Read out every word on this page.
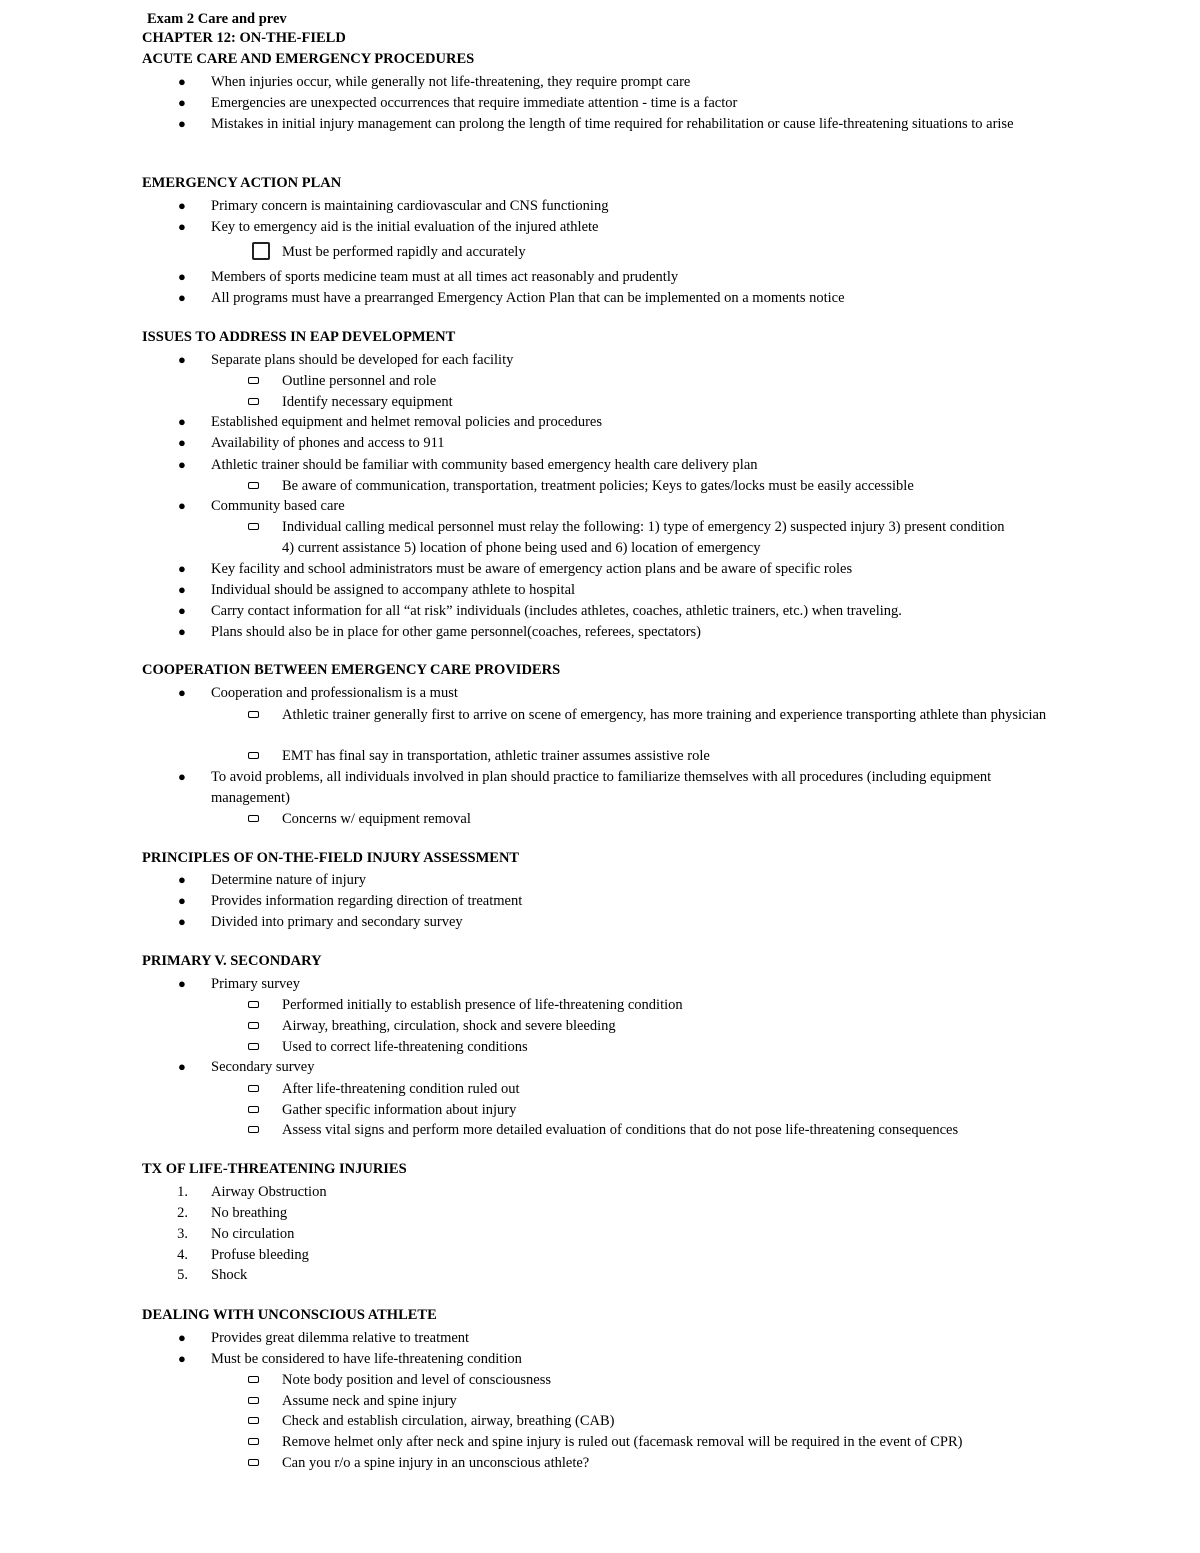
Exam 2 Care and prev
CHAPTER 12: ON-THE-FIELD
ACUTE CARE AND EMERGENCY PROCEDURES
● When injuries occur, while generally not life-threatening, they require prompt care
● Emergencies are unexpected occurrences that require immediate attention - time is a factor
● Mistakes in initial injury management can prolong the length of time required for rehabilitation or cause life-threatening situations to arise
EMERGENCY ACTION PLAN
● Primary concern is maintaining cardiovascular and CNS functioning
● Key to emergency aid is the initial evaluation of the injured athlete
Must be performed rapidly and accurately
● Members of sports medicine team must at all times act reasonably and prudently
● All programs must have a prearranged Emergency Action Plan that can be implemented on a moments notice
ISSUES TO ADDRESS IN EAP DEVELOPMENT
● Separate plans should be developed for each facility
Outline personnel and role
Identify necessary equipment
● Established equipment and helmet removal policies and procedures
● Availability of phones and access to 911
● Athletic trainer should be familiar with community based emergency health care delivery plan
Be aware of communication, transportation, treatment policies; Keys to gates/locks must be easily accessible
● Community based care
Individual calling medical personnel must relay the following: 1) type of emergency 2) suspected injury 3) present condition 4) current assistance 5) location of phone being used and 6) location of emergency
● Key facility and school administrators must be aware of emergency action plans and be aware of specific roles
● Individual should be assigned to accompany athlete to hospital
● Carry contact information for all “at risk” individuals (includes athletes, coaches, athletic trainers, etc.) when traveling.
● Plans should also be in place for other game personnel(coaches, referees, spectators)
COOPERATION BETWEEN EMERGENCY CARE PROVIDERS
● Cooperation and professionalism is a must
Athletic trainer generally first to arrive on scene of emergency, has more training and experience transporting athlete than physician
EMT has final say in transportation, athletic trainer assumes assistive role
● To avoid problems, all individuals involved in plan should practice to familiarize themselves with all procedures (including equipment management)
Concerns w/ equipment removal
PRINCIPLES OF ON-THE-FIELD INJURY ASSESSMENT
● Determine nature of injury
● Provides information regarding direction of treatment
● Divided into primary and secondary survey
PRIMARY V. SECONDARY
● Primary survey
Performed initially to establish presence of life-threatening condition
Airway, breathing, circulation, shock and severe bleeding
Used to correct life-threatening conditions
● Secondary survey
After life-threatening condition ruled out
Gather specific information about injury
Assess vital signs and perform more detailed evaluation of conditions that do not pose life-threatening consequences
TX OF LIFE-THREATENING INJURIES
1. Airway Obstruction
2. No breathing
3. No circulation
4. Profuse bleeding
5. Shock
DEALING WITH UNCONSCIOUS ATHLETE
● Provides great dilemma relative to treatment
● Must be considered to have life-threatening condition
Note body position and level of consciousness
Assume neck and spine injury
Check and establish circulation, airway, breathing (CAB)
Remove helmet only after neck and spine injury is ruled out (facemask removal will be required in the event of CPR)
Can you r/o a spine injury in an unconscious athlete?
